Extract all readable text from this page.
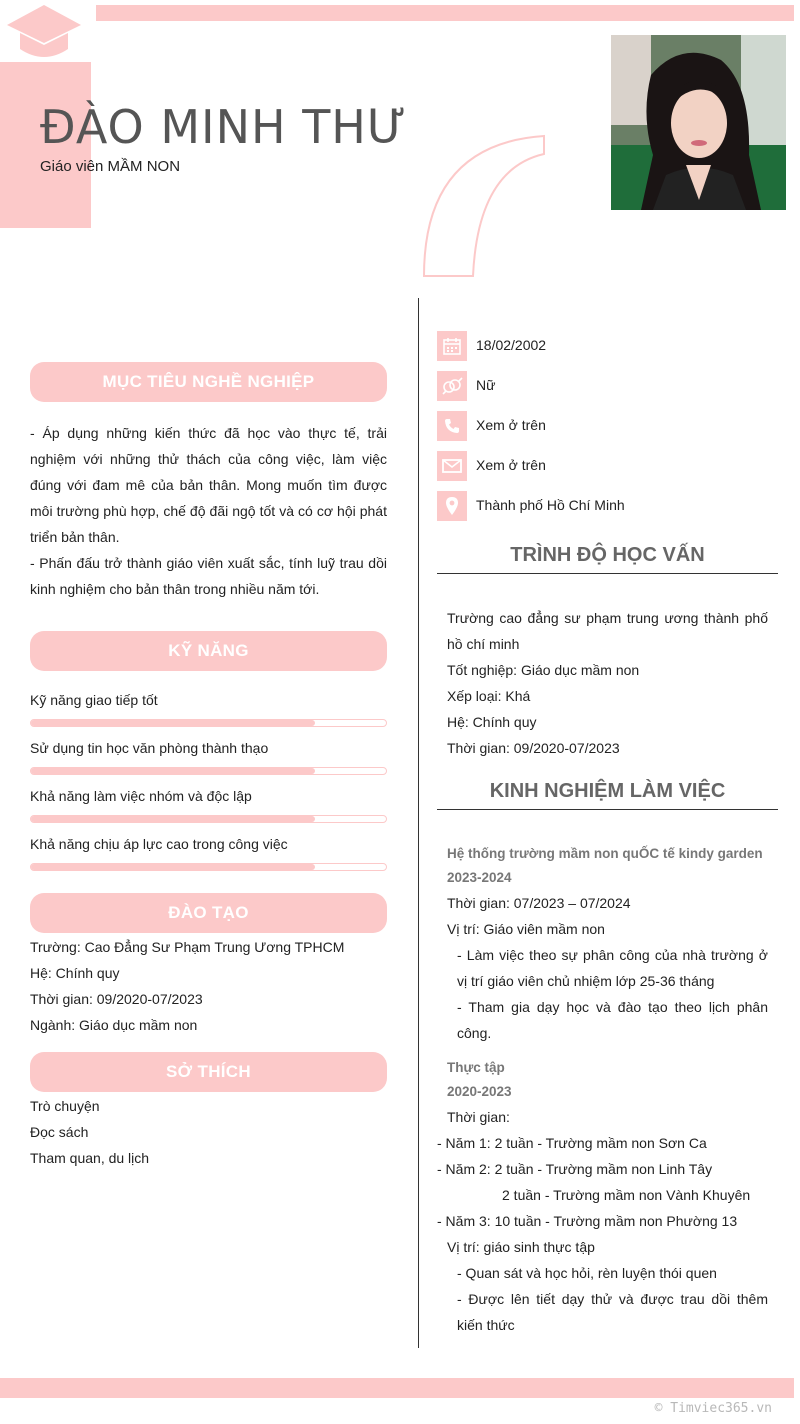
ĐÀO MINH THƯ
Giáo viên MẦM NON
MỤC TIÊU NGHỀ NGHIỆP

- Áp dụng những kiến thức đã học vào thực tế, trải nghiệm với những thử thách của công việc, làm việc đúng với đam mê của bản thân. Mong muốn tìm được môi trường phù hợp, chế độ đãi ngộ tốt và có cơ hội phát triển bản thân.

- Phấn đấu trở thành giáo viên xuất sắc, tính luỹ trau dồi kinh nghiệm cho bản thân trong nhiều năm tới.

KỸ NĂNG
Kỹ năng giao tiếp tốt
Sử dụng tin học văn phòng thành thạo
Khả năng làm việc nhóm và độc lập
Khả năng chịu áp lực cao trong công việc
ĐÀO TẠO
Trường: Cao Đẳng Sư Phạm Trung Ương TPHCM
Hệ: Chính quy
Thời gian: 09/2020-07/2023
Ngành: Giáo dục mầm non
SỞ THÍCH
Trò chuyện
Đọc sách
Tham quan, du lịch
18/02/2002
Nữ
Xem ở trên
Xem ở trên
Thành phố Hồ Chí Minh
TRÌNH ĐỘ HỌC VẤN
Trường cao đẳng sư phạm trung ương thành phố hồ chí minh
Tốt nghiệp: Giáo dục mầm non
Xếp loại: Khá
Hệ: Chính quy
Thời gian: 09/2020-07/2023
KINH NGHIỆM LÀM VIỆC
Hệ thống trường mầm non quỐC tế kindy garden
2023-2024
Thời gian: 07/2023 – 07/2024
Vị trí: Giáo viên mầm non
- Làm việc theo sự phân công của nhà trường ở vị trí giáo viên chủ nhiệm lớp 25-36 tháng
- Tham gia dạy học và đào tạo theo lịch phân công.
Thực tập
2020-2023
Thời gian:
- Năm 1: 2 tuần - Trường mầm non Sơn Ca
- Năm 2: 2 tuần - Trường mầm non Linh Tây
2 tuần - Trường mầm non Vành Khuyên
- Năm 3: 10 tuần - Trường mầm non Phường 13
Vị trí: giáo sinh thực tập
- Quan sát và học hỏi, rèn luyện thói quen
- Được lên tiết dạy thử và được trau dồi thêm kiến thức
© Timviec365.vn
